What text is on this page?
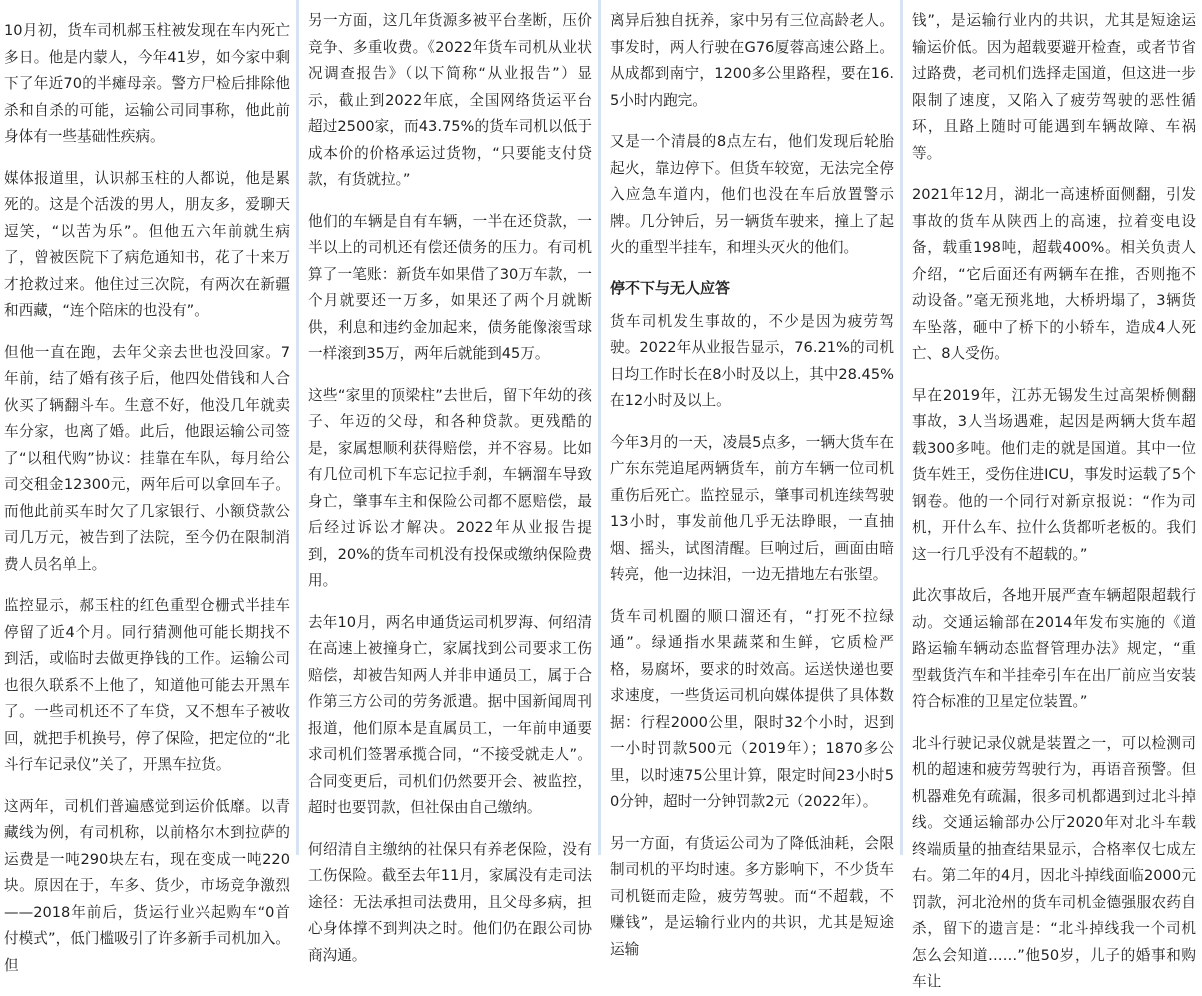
10月初，货车司机郝玉柱被发现在车内死亡多日。他是内蒙人，今年41岁，如今家中剩下了年近70的半瘫母亲。警方尸检后排除他杀和自杀的可能，运输公司同事称，他此前身体有一些基础性疾病。

媒体报道里，认识郝玉柱的人都说，他是累死的。这是个活泼的男人，朋友多，爱聊天逗笑，“以苦为乐”。但他五六年前就生病了，曾被医院下了病危通知书，花了十来万才抢救过来。他住过三次院，有两次在新疆和西藏，“连个陪床的也没有”。

但他一直在跑，去年父亲去世也没回家。7年前，结了婚有孩子后，他四处借钱和人合伙买了辆翻斗车。生意不好，他没几年就卖车分家，也离了婚。此后，他跟运输公司签了“以租代购”协议：挂靠在车队，每月给公司交租金12300元，两年后可以拿回车子。而他此前买车时欠了几家银行、小额贷款公司几万元，被告到了法院，至今仍在限制消费人员名单上。

监控显示，郝玉柱的红色重型仓栅式半挂车停留了近4个月。同行猜测他可能长期找不到活，或临时去做更挣钱的工作。运输公司也很久联系不上他了，知道他可能去开黑车了。一些司机还不了车贷，又不想车子被收回，就把手机换号，停了保险，把定位的“北斗行车记录仪”关了，开黑车拉货。

这两年，司机们普遍感觉到运价低靡。以青藏线为例，有司机称，以前格尔木到拉萨的运费是一吨290块左右，现在变成一吨220块。原因在于，车多、货少，市场竞争激烈——2018年前后，货运行业兴起购车“0首付模式”，低门槛吸引了许多新手司机加入。但

另一方面，这几年货源多被平台垄断，压价竞争、多重收费。《2022年货车司机从业状况调查报告》（以下简称“从业报告”）显示，截止到2022年底，全国网络货运平台超过2500家，而43.75%的货车司机以低于成本价的价格承运过货物，“只要能支付贷款，有货就拉。”

他们的车辆是自有车辆，一半在还贷款，一半以上的司机还有偿还债务的压力。有司机算了一笔账：新货车如果借了30万车款，一个月就要还一万多，如果还了两个月就断供，利息和违约金加起来，债务能像滚雪球一样滚到35万，两年后就能到45万。

这些“家里的顶梁柱”去世后，留下年幼的孩子、年迈的父母，和各种贷款。更残酷的是，家属想顺利获得赔偿，并不容易。比如有几位司机下车忘记拉手刹，车辆溜车导致身亡，肇事车主和保险公司都不愿赔偿，最后经过诉讼才解决。2022年从业报告提到，20%的货车司机没有投保或缴纳保险费用。

去年10月，两名申通货运司机罗海、何绍清在高速上被撞身亡，家属找到公司要求工伤赔偿，却被告知两人并非申通员工，属于合作第三方公司的劳务派遣。据中国新闻周刊报道，他们原本是直属员工，一年前申通要求司机们签署承揽合同，“不接受就走人”。合同变更后，司机们仍然要开会、被监控，超时也要罚款，但社保由自己缴纳。

何绍清自主缴纳的社保只有养老保险，没有工伤保险。截至去年11月，家属没有走司法途径：无法承担司法费用，且父母多病，担心身体撑不到判决之时。他们仍在跟公司协商沟通。

离异后独自抚养，家中另有三位高龄老人。事发时，两人行驶在G76厦蓉高速公路上。从成都到南宁，1200多公里路程，要在16.5小时内跑完。

又是一个清晨的8点左右，他们发现后轮胎起火，靠边停下。但货车较宽，无法完全停入应急车道内，他们也没在车后放置警示牌。几分钟后，另一辆货车驶来，撞上了起火的重型半挂车，和埋头灭火的他们。

停不下与无人应答

货车司机发生事故的，不少是因为疲劳驾驶。2022年从业报告显示，76.21%的司机日均工作时长在8小时及以上，其中28.45%在12小时及以上。

今年3月的一天，凌晨5点多，一辆大货车在广东东莞追尾两辆货车，前方车辆一位司机重伤后死亡。监控显示，肇事司机连续驾驶13小时，事发前他几乎无法睁眼，一直抽烟、摇头，试图清醒。巨响过后，画面由暗转亮，他一边抹泪，一边无措地左右张望。

货车司机圈的顺口溜还有，“打死不拉绿通”。绿通指水果蔬菜和生鲜，它质检严格，易腐坏，要求的时效高。运送快递也要求速度，一些货运司机向媒体提供了具体数据：行程2000公里，限时32个小时，迟到一小时罚款500元（2019年）；1870多公里，以时速75公里计算，限定时间23小时50分钟，超时一分钟罚款2元（2022年）。

另一方面，有货运公司为了降低油耗，会限制司机的平均时速。多方影响下，不少货车司机铤而走险，疲劳驾驶。而“不超载，不赚钱”，是运输行业内的共识，尤其是短途运输

钱”，是运输行业内的共识，尤其是短途运输运价低。因为超载要避开检查，或者节省过路费，老司机们选择走国道，但这进一步限制了速度，又陷入了疲劳驾驶的恶性循环，且路上随时可能遇到车辆故障、车祸等。

2021年12月，湖北一高速桥面侧翻，引发事故的货车从陕西上的高速，拉着变电设备，载重198吨，超载400%。相关负责人介绍，“它后面还有两辆车在推，否则拖不动设备。”毫无预兆地，大桥坍塌了，3辆货车坠落，砸中了桥下的小轿车，造成4人死亡、8人受伤。

早在2019年，江苏无锡发生过高架桥侧翻事故，3人当场遇难，起因是两辆大货车超载300多吨。他们走的就是国道。其中一位货车姓王，受伤住进ICU，事发时运载了5个钢卷。他的一个同行对新京报说：“作为司机，开什么车、拉什么货都听老板的。我们这一行几乎没有不超载的。”

此次事故后，各地开展严查车辆超限超载行动。交通运输部在2014年发布实施的《道路运输车辆动态监督管理办法》规定，“重型载货汽车和半挂牵引车在出厂前应当安装符合标准的卫星定位装置。”

北斗行驶记录仪就是装置之一，可以检测司机的超速和疲劳驾驶行为，再语音预警。但机器难免有疏漏，很多司机都遇到过北斗掉线。交通运输部办公厅2020年对北斗车载终端质量的抽查结果显示，合格率仅七成左右。第二年的4月，因北斗掉线面临2000元罚款，河北沧州的货车司机金德强服农药自杀，留下的遗言是：“北斗掉线我一个司机怎么会知道……”他50岁，儿子的婚事和购车让
